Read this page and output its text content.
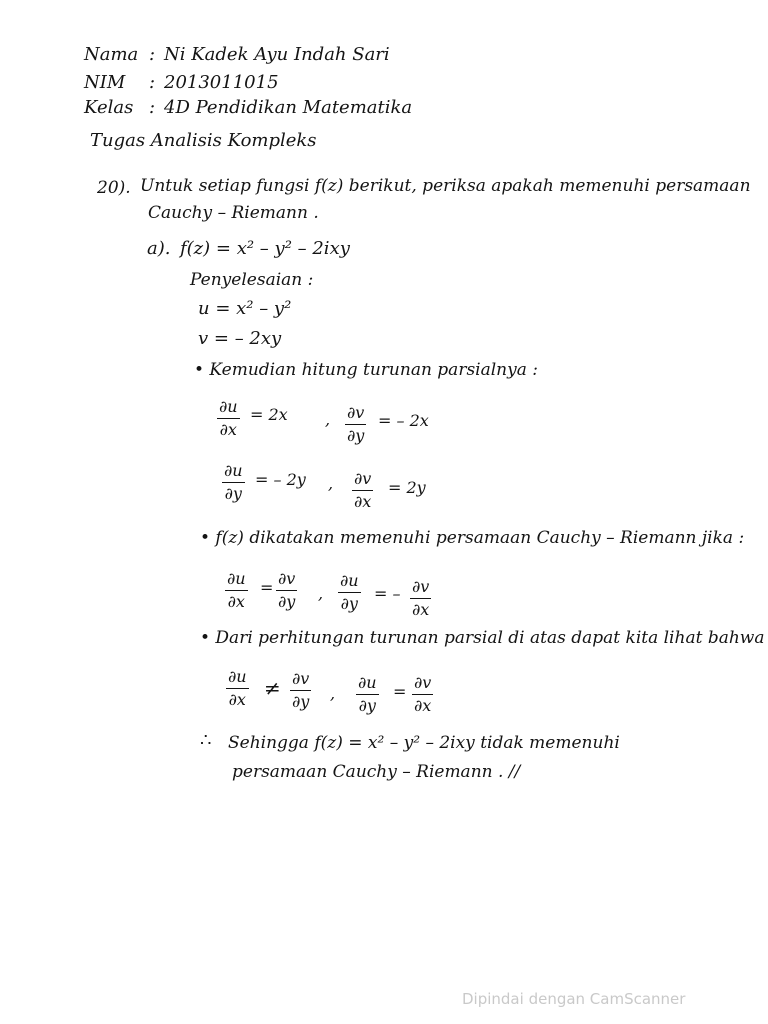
Nama : Ni Kadek Ayu Indah Sari
NIM : 2013011015
Kelas : 4D Pendidikan Matematika
Tugas Analisis Kompleks
20). Untuk setiap fungsi f(z) berikut, periksa apakah memenuhi persamaan
Cauchy – Riemann .
a). f(z) = x² – y² – 2ixy
Penyelesaian :
u = x² – y²
v = – 2xy
• Kemudian hitung turunan parsialnya :
$\frac{\partial u}{\partial x} = 2x$ , $\frac{\partial v}{\partial y}$ = – 2x
$\frac{\partial u}{\partial y}$ = – 2y , $\frac{\partial v}{\partial x} = 2y$
• f(z) dikatakan memenuhi persamaan Cauchy – Riemann jika :
$\frac{\partial u}{\partial x} = \frac{\partial v}{\partial y}$ , $\frac{\partial u}{\partial y}$ = – $\frac{\partial v}{\partial x}$
• Dari perhitungan turunan parsial di atas dapat kita lihat bahwa
$\frac{\partial u}{\partial x} \ne \frac{\partial v}{\partial y}$ , $\frac{\partial u}{\partial y} = \frac{\partial v}{\partial x}$
∴ Sehingga f(z) = x² – y² – 2ixy tidak memenuhi
persamaan Cauchy – Riemann . //
Dipindai dengan CamScanner
